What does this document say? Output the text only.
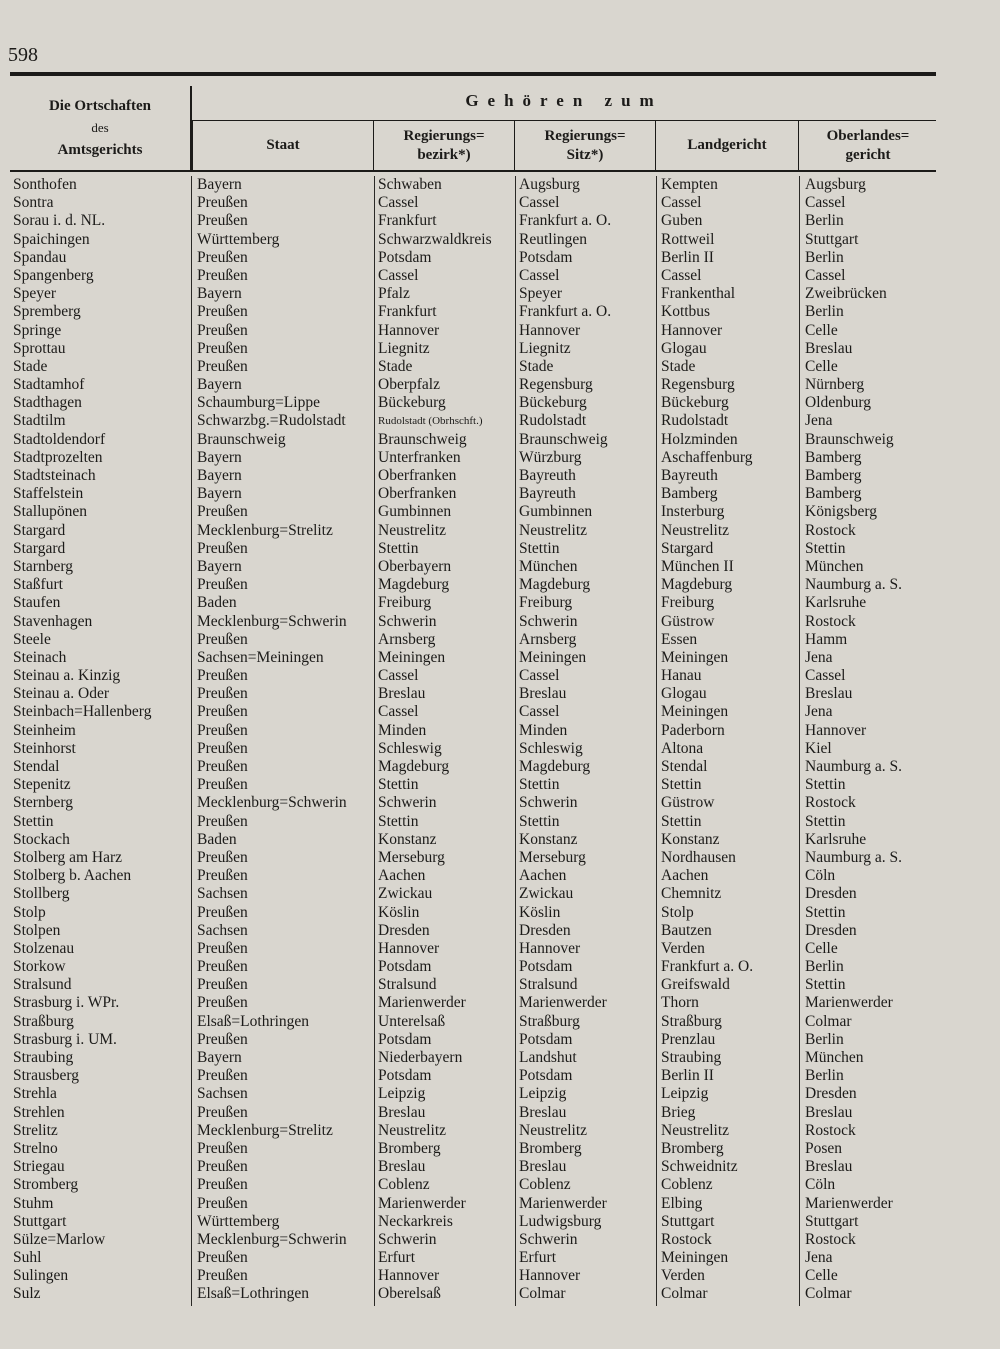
598
Die Ortschaften
des
Amtsgerichts
Gehören zum
Staat
Regierungs=
bezirk*)
Regierungs=
Sitz*)
Landgericht
Oberlandes=
gericht
Sonthofen
Sontra
Sorau i. d. NL.
Spaichingen
Spandau
Spangenberg
Speyer
Spremberg
Springe
Sprottau
Stade
Stadtamhof
Stadthagen
Stadtilm
Stadtoldendorf
Stadtprozelten
Stadtsteinach
Staffelstein
Stallupönen
Stargard
Stargard
Starnberg
Staßfurt
Staufen
Stavenhagen
Steele
Steinach
Steinau a. Kinzig
Steinau a. Oder
Steinbach=Hallenberg
Steinheim
Steinhorst
Stendal
Stepenitz
Sternberg
Stettin
Stockach
Stolberg am Harz
Stolberg b. Aachen
Stollberg
Stolp
Stolpen
Stolzenau
Storkow
Stralsund
Strasburg i. WPr.
Straßburg
Strasburg i. UM.
Straubing
Strausberg
Strehla
Strehlen
Strelitz
Strelno
Striegau
Stromberg
Stuhm
Stuttgart
Sülze=Marlow
Suhl
Sulingen
Sulz
Bayern
Preußen
Preußen
Württemberg
Preußen
Preußen
Bayern
Preußen
Preußen
Preußen
Preußen
Bayern
Schaumburg=Lippe
Schwarzbg.=Rudolstadt
Braunschweig
Bayern
Bayern
Bayern
Preußen
Mecklenburg=Strelitz
Preußen
Bayern
Preußen
Baden
Mecklenburg=Schwerin
Preußen
Sachsen=Meiningen
Preußen
Preußen
Preußen
Preußen
Preußen
Preußen
Preußen
Mecklenburg=Schwerin
Preußen
Baden
Preußen
Preußen
Sachsen
Preußen
Sachsen
Preußen
Preußen
Preußen
Preußen
Elsaß=Lothringen
Preußen
Bayern
Preußen
Sachsen
Preußen
Mecklenburg=Strelitz
Preußen
Preußen
Preußen
Preußen
Württemberg
Mecklenburg=Schwerin
Preußen
Preußen
Elsaß=Lothringen
Schwaben
Cassel
Frankfurt
Schwarzwaldkreis
Potsdam
Cassel
Pfalz
Frankfurt
Hannover
Liegnitz
Stade
Oberpfalz
Bückeburg
Rudolstadt (Obrhschft.)
Braunschweig
Unterfranken
Oberfranken
Oberfranken
Gumbinnen
Neustrelitz
Stettin
Oberbayern
Magdeburg
Freiburg
Schwerin
Arnsberg
Meiningen
Cassel
Breslau
Cassel
Minden
Schleswig
Magdeburg
Stettin
Schwerin
Stettin
Konstanz
Merseburg
Aachen
Zwickau
Köslin
Dresden
Hannover
Potsdam
Stralsund
Marienwerder
Unterelsaß
Potsdam
Niederbayern
Potsdam
Leipzig
Breslau
Neustrelitz
Bromberg
Breslau
Coblenz
Marienwerder
Neckarkreis
Schwerin
Erfurt
Hannover
Oberelsaß
Augsburg
Cassel
Frankfurt a. O.
Reutlingen
Potsdam
Cassel
Speyer
Frankfurt a. O.
Hannover
Liegnitz
Stade
Regensburg
Bückeburg
Rudolstadt
Braunschweig
Würzburg
Bayreuth
Bayreuth
Gumbinnen
Neustrelitz
Stettin
München
Magdeburg
Freiburg
Schwerin
Arnsberg
Meiningen
Cassel
Breslau
Cassel
Minden
Schleswig
Magdeburg
Stettin
Schwerin
Stettin
Konstanz
Merseburg
Aachen
Zwickau
Köslin
Dresden
Hannover
Potsdam
Stralsund
Marienwerder
Straßburg
Potsdam
Landshut
Potsdam
Leipzig
Breslau
Neustrelitz
Bromberg
Breslau
Coblenz
Marienwerder
Ludwigsburg
Schwerin
Erfurt
Hannover
Colmar
Kempten
Cassel
Guben
Rottweil
Berlin II
Cassel
Frankenthal
Kottbus
Hannover
Glogau
Stade
Regensburg
Bückeburg
Rudolstadt
Holzminden
Aschaffenburg
Bayreuth
Bamberg
Insterburg
Neustrelitz
Stargard
München II
Magdeburg
Freiburg
Güstrow
Essen
Meiningen
Hanau
Glogau
Meiningen
Paderborn
Altona
Stendal
Stettin
Güstrow
Stettin
Konstanz
Nordhausen
Aachen
Chemnitz
Stolp
Bautzen
Verden
Frankfurt a. O.
Greifswald
Thorn
Straßburg
Prenzlau
Straubing
Berlin II
Leipzig
Brieg
Neustrelitz
Bromberg
Schweidnitz
Coblenz
Elbing
Stuttgart
Rostock
Meiningen
Verden
Colmar
Augsburg
Cassel
Berlin
Stuttgart
Berlin
Cassel
Zweibrücken
Berlin
Celle
Breslau
Celle
Nürnberg
Oldenburg
Jena
Braunschweig
Bamberg
Bamberg
Bamberg
Königsberg
Rostock
Stettin
München
Naumburg a. S.
Karlsruhe
Rostock
Hamm
Jena
Cassel
Breslau
Jena
Hannover
Kiel
Naumburg a. S.
Stettin
Rostock
Stettin
Karlsruhe
Naumburg a. S.
Cöln
Dresden
Stettin
Dresden
Celle
Berlin
Stettin
Marienwerder
Colmar
Berlin
München
Berlin
Dresden
Breslau
Rostock
Posen
Breslau
Cöln
Marienwerder
Stuttgart
Rostock
Jena
Celle
Colmar
